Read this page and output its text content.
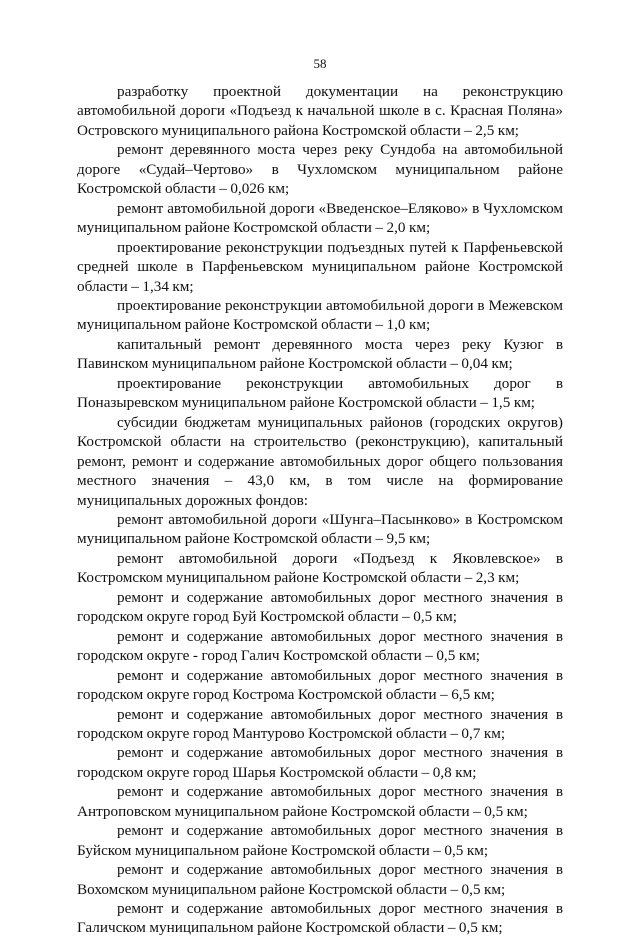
58

разработку проектной документации на реконструкцию автомобильной дороги «Подъезд к начальной школе в с. Красная Поляна» Островского муниципального района Костромской области – 2,5 км;

ремонт деревянного моста через реку Сундоба на автомобильной дороге «Судай–Чертово» в Чухломском муниципальном районе Костромской области – 0,026 км;

ремонт автомобильной дороги «Введенское–Еляково» в Чухломском муниципальном районе Костромской области – 2,0 км;

проектирование реконструкции подъездных путей к Парфеньевской средней школе в Парфеньевском муниципальном районе Костромской области – 1,34 км;

проектирование реконструкции автомобильной дороги в Межевском муниципальном районе Костромской области – 1,0 км;

капитальный ремонт деревянного моста через реку Кузюг в Павинском муниципальном районе Костромской области – 0,04 км;

проектирование реконструкции автомобильных дорог в Поназыревском муниципальном районе Костромской области – 1,5 км;

субсидии бюджетам муниципальных районов (городских округов) Костромской области на строительство (реконструкцию), капитальный ремонт, ремонт и содержание автомобильных дорог общего пользования местного значения – 43,0 км, в том числе на формирование муниципальных дорожных фондов:

ремонт автомобильной дороги «Шунга–Пасынково» в Костромском муниципальном районе Костромской области – 9,5 км;

ремонт автомобильной дороги «Подъезд к Яковлевское» в Костромском муниципальном районе Костромской области – 2,3 км;

ремонт и содержание автомобильных дорог местного значения в городском округе город Буй Костромской области – 0,5 км;

ремонт и содержание автомобильных дорог местного значения в городском округе - город Галич Костромской области – 0,5 км;

ремонт и содержание автомобильных дорог местного значения в городском округе город Кострома Костромской области – 6,5 км;

ремонт и содержание автомобильных дорог местного значения в городском округе город Мантурово Костромской области – 0,7 км;

ремонт и содержание автомобильных дорог местного значения в городском округе город Шарья Костромской области – 0,8 км;

ремонт и содержание автомобильных дорог местного значения в Антроповском муниципальном районе Костромской области – 0,5 км;

ремонт и содержание автомобильных дорог местного значения в Буйском муниципальном районе Костромской области – 0,5 км;

ремонт и содержание автомобильных дорог местного значения в Вохомском муниципальном районе Костромской области – 0,5 км;

ремонт и содержание автомобильных дорог местного значения в Галичском муниципальном районе Костромской области – 0,5 км;
